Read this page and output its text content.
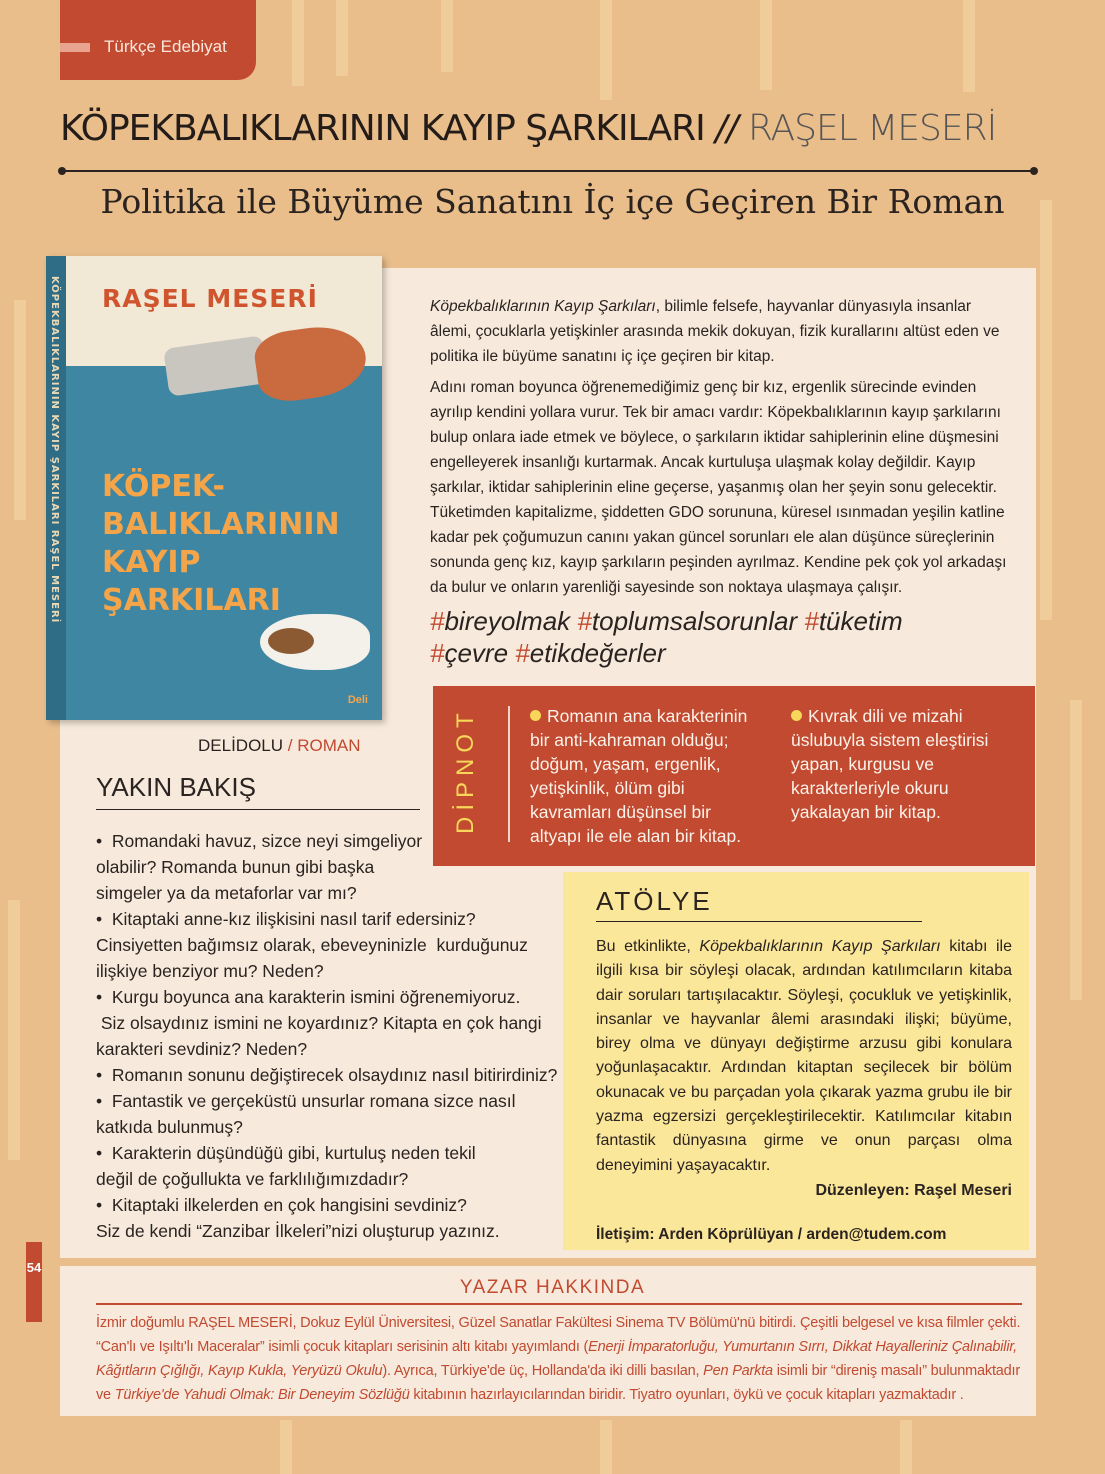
Türkçe Edebiyat
KÖPEKBALIKLARININ KAYIP ŞARKILARI // RAŞEL MESERİ
Politika ile Büyüme Sanatını İç içe Geçiren Bir Roman
KÖPEKBALIKLARININ KAYIP ŞARKILARI RAŞEL MESERİ RAŞEL MESERİ
KÖPEK-
BALIKLARININ
KAYIP
ŞARKILARI
Deli
DELİDOLU / ROMAN
YAKIN BAKIŞ

•  Romandaki havuz, sizce neyi simgeliyor
olabilir? Romanda bunun gibi başka
simgeler ya da metaforlar var mı?

•  Kitaptaki anne-kız ilişkisini nasıl tarif edersiniz?
Cinsiyetten bağımsız olarak, ebeveyninizle  kurduğunuz
ilişkiye benziyor mu? Neden?

•  Kurgu boyunca ana karakterin ismini öğrenemiyoruz.
Siz olsaydınız ismini ne koyardınız? Kitapta en çok hangi
karakteri sevdiniz? Neden?

•  Romanın sonunu değiştirecek olsaydınız nasıl bitirirdiniz?

•  Fantastik ve gerçeküstü unsurlar romana sizce nasıl
katkıda bulunmuş?

•  Karakterin düşündüğü gibi, kurtuluş neden tekil
değil de çoğullukta ve farklılığımızdadır?

•  Kitaptaki ilkelerden en çok hangisini sevdiniz?
Siz de kendi “Zanzibar İlkeleri”nizi oluşturup yazınız.

Köpekbalıklarının Kayıp Şarkıları, bilimle felsefe, hayvanlar dünyasıyla insanlar âlemi, çocuklarla yetişkinler arasında mekik dokuyan, fizik kurallarını altüst eden ve politika ile büyüme sanatını iç içe geçiren bir kitap.

Adını roman boyunca öğrenemediğimiz genç bir kız, ergenlik sürecinde evinden ayrılıp kendini yollara vurur. Tek bir amacı vardır: Köpekbalıklarının kayıp şarkılarını bulup onlara iade etmek ve böylece, o şarkıların iktidar sahiplerinin eline düşmesini engelleyerek insanlığı kurtarmak. Ancak kurtuluşa ulaşmak kolay değildir. Kayıp şarkılar, iktidar sahiplerinin eline geçerse, yaşanmış olan her şeyin sonu gelecektir. Tüketimden kapitalizme, şiddetten GDO sorununa, küresel ısınmadan yeşilin katline kadar pek çoğumuzun canını yakan güncel sorunları ele alan düşünce süreçlerinin sonunda genç kız, kayıp şarkıların peşinden ayrılmaz. Kendine pek çok yol arkadaşı da bulur ve onların yarenliği sayesinde son noktaya ulaşmaya çalışır.

#bireyolmak #toplumsalsorunlar #tüketim
#çevre #etikdeğerler
DİPNOT	Romanın ana karakterinin
bir anti-kahraman olduğu;
doğum, yaşam, ergenlik,
yetişkinlik, ölüm gibi
kavramları düşünsel bir
altyapı ile ele alan bir kitap.
Kıvrak dili ve mizahi
üslubuyla sistem eleştirisi
yapan, kurgusu ve
karakterleriyle okuru
yakalayan bir kitap.
ATÖLYE
Bu etkinlikte, Köpekbalıklarının Kayıp Şarkıları kitabı ile ilgili kısa bir söyleşi olacak, ardından katılımcıların kitaba dair soruları tartışılacaktır. Söyleşi, çocukluk ve yetişkinlik, insanlar ve hayvanlar âlemi arasındaki ilişki; büyüme, birey olma ve dünyayı değiştirme arzusu gibi konulara yoğunlaşacaktır. Ardından kitaptan seçilecek bir bölüm okunacak ve bu parçadan yola çıkarak yazma grubu ile bir yazma egzersizi gerçekleştirilecektir. Katılımcılar kitabın fantastik dünyasına girme ve onun parçası olma deneyimini yaşayacaktır.
Düzenleyen: Raşel Meseri
İletişim: Arden Köprülüyan / arden@tudem.com
54
YAZAR HAKKINDA
İzmir doğumlu RAŞEL MESERİ, Dokuz Eylül Üniversitesi, Güzel Sanatlar Fakültesi Sinema TV Bölümü'nü bitirdi. Çeşitli belgesel ve kısa filmler çekti. “Can'lı ve Işıltı'lı Maceralar” isimli çocuk kitapları serisinin altı kitabı yayımlandı (Enerji İmparatorluğu, Yumurtanın Sırrı, Dikkat Hayalleriniz Çalınabilir, Kâğıtların Çığlığı, Kayıp Kukla, Yeryüzü Okulu). Ayrıca, Türkiye'de üç, Hollanda'da iki dilli basılan, Pen Parkta isimli bir “direniş masalı” bulunmaktadır ve Türkiye'de Yahudi Olmak: Bir Deneyim Sözlüğü kitabının hazırlayıcılarından biridir. Tiyatro oyunları, öykü ve çocuk kitapları yazmaktadır .
